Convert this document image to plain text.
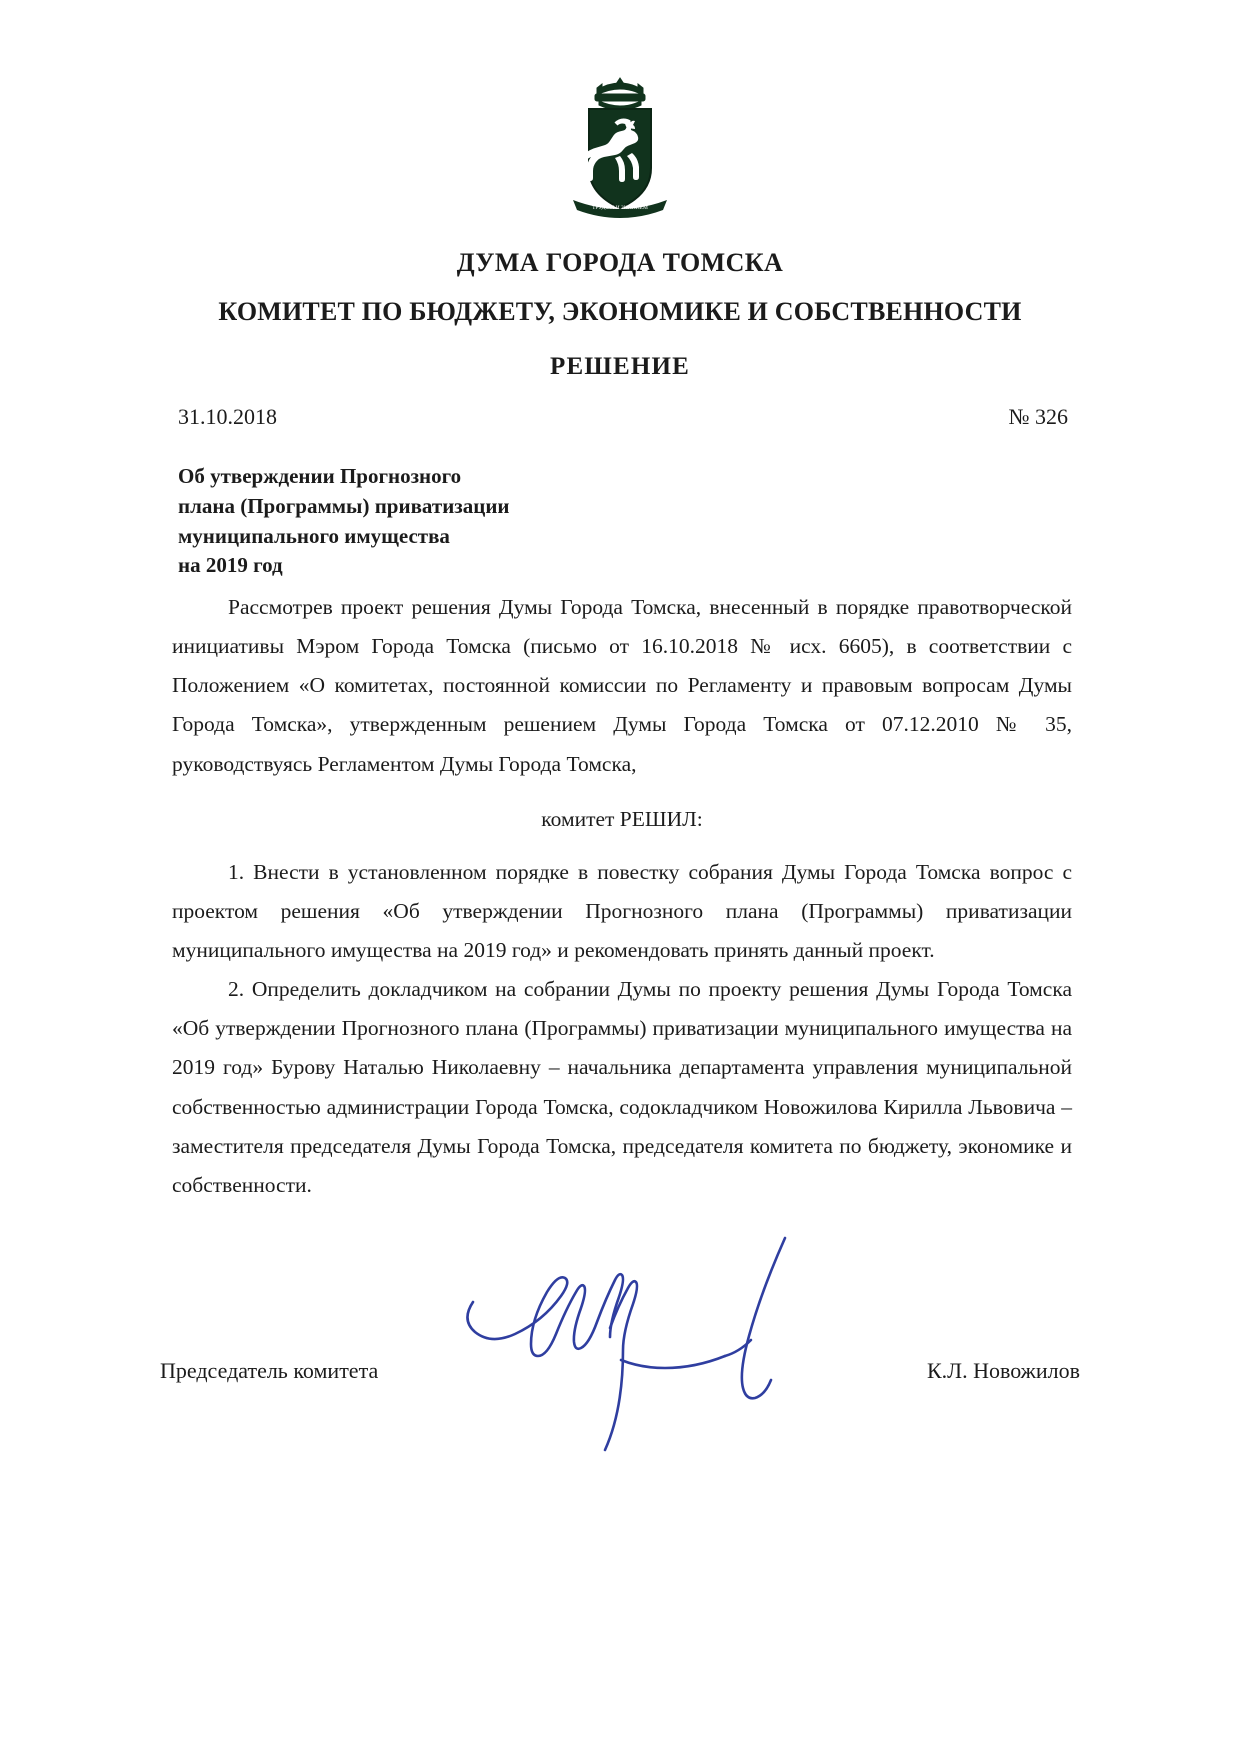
ТРУДОМ И ЗНАНИЕМ
ДУМА ГОРОДА ТОМСКА
КОМИТЕТ ПО БЮДЖЕТУ, ЭКОНОМИКЕ И СОБСТВЕННОСТИ
РЕШЕНИЕ
31.10.2018	№ 326
Об утверждении Прогнозного
плана (Программы) приватизации
муниципального имущества
на 2019 год

Рассмотрев проект решения Думы Города Томска, внесенный в порядке правотворческой инициативы Мэром Города Томска (письмо от 16.10.2018 № исх. 6605), в соответствии с Положением «О комитетах, постоянной комиссии по Регламенту и правовым вопросам Думы Города Томска», утвержденным решением Думы Города Томска от 07.12.2010 № 35, руководствуясь Регламентом Думы Города Томска,

комитет РЕШИЛ:

1. Внести в установленном порядке в повестку собрания Думы Города Томска вопрос с проектом решения «Об утверждении Прогнозного плана (Программы) приватизации муниципального имущества на 2019 год» и рекомендовать принять данный проект.

2. Определить докладчиком на собрании Думы по проекту решения Думы Города Томска «Об утверждении Прогнозного плана (Программы) приватизации муниципального имущества на 2019 год» Бурову Наталью Николаевну – начальника департамента управления муниципальной собственностью администрации Города Томска, содокладчиком Новожилова Кирилла Львовича – заместителя председателя Думы Города Томска, председателя комитета по бюджету, экономике и собственности.

Председатель комитета	К.Л. Новожилов
